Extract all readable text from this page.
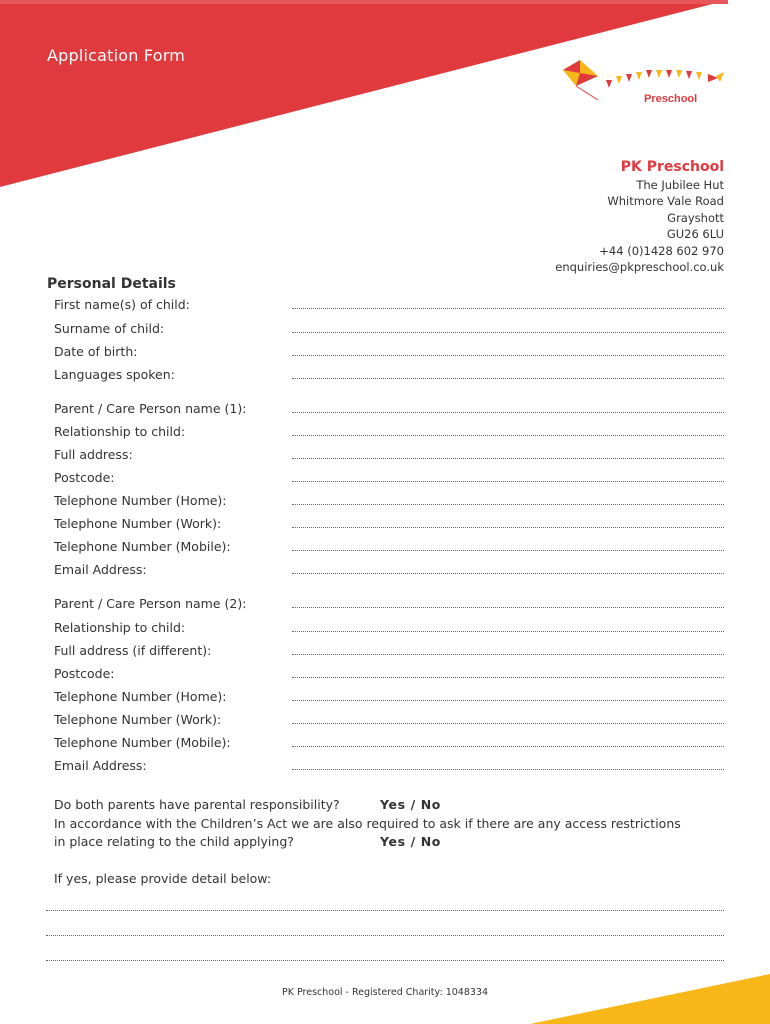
Application Form
Preschool
PK Preschool
The Jubilee Hut
Whitmore Vale Road
Grayshott
GU26 6LU
+44 (0)1428 602 970
enquiries@pkpreschool.co.uk
Personal Details
First name(s) of child:
Surname of child:
Date of birth:
Languages spoken:
Parent / Care Person name (1):
Relationship to child:
Full address:
Postcode:
Telephone Number (Home):
Telephone Number (Work):
Telephone Number (Mobile):
Email Address:
Parent / Care Person name (2):
Relationship to child:
Full address (if different):
Postcode:
Telephone Number (Home):
Telephone Number (Work):
Telephone Number (Mobile):
Email Address:
Do both parents have parental responsibility?	Yes / No
In accordance with the Children’s Act we are also required to ask if there are any access restrictions
in place relating to the child applying?	Yes / No
If yes, please provide detail below:
PK Preschool - Registered Charity: 1048334
